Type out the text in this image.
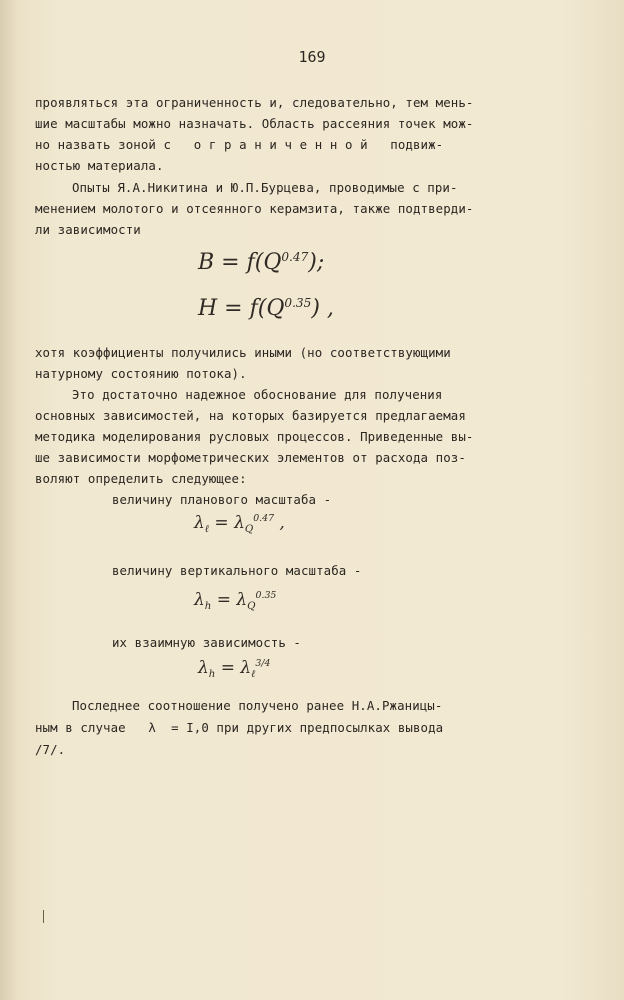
169
проявляться эта ограниченность и, следовательно, тем мень-
шие масштабы можно назначать. Область рассеяния точек мож-
но назвать зоной с   о г р а н и ч е н н о й   подвиж-
ностью материала.
Опыты Я.А.Никитина и Ю.П.Бурцева, проводимые с при-
менением молотого и отсеянного керамзита, также подтверди-
ли зависимости
$B = f(Q^{0.47})$;
$H = f(Q^{0.35})$ ,
хотя коэффициенты получились иными (но соответствующими
натурному состоянию потока).
Это достаточно надежное обоснование для получения
основных зависимостей, на которых базируется предлагаемая
методика моделирования русловых процессов. Приведенные вы-
ше зависимости морфометрических элементов от расхода поз-
воляют определить следующее:
величину планового масштаба -
$\lambda_\ell = \lambda_Q^{0.47}$ ,
величину вертикального масштаба -
$\lambda_h = \lambda_Q^{0.35}$
их взаимную зависимость -
$\lambda_h = \lambda_\ell^{3/4}$
Последнее соотношение получено ранее Н.А.Ржаницы-
ным в случае   λ  = I,0 при других предпосылках вывода
/7/.
